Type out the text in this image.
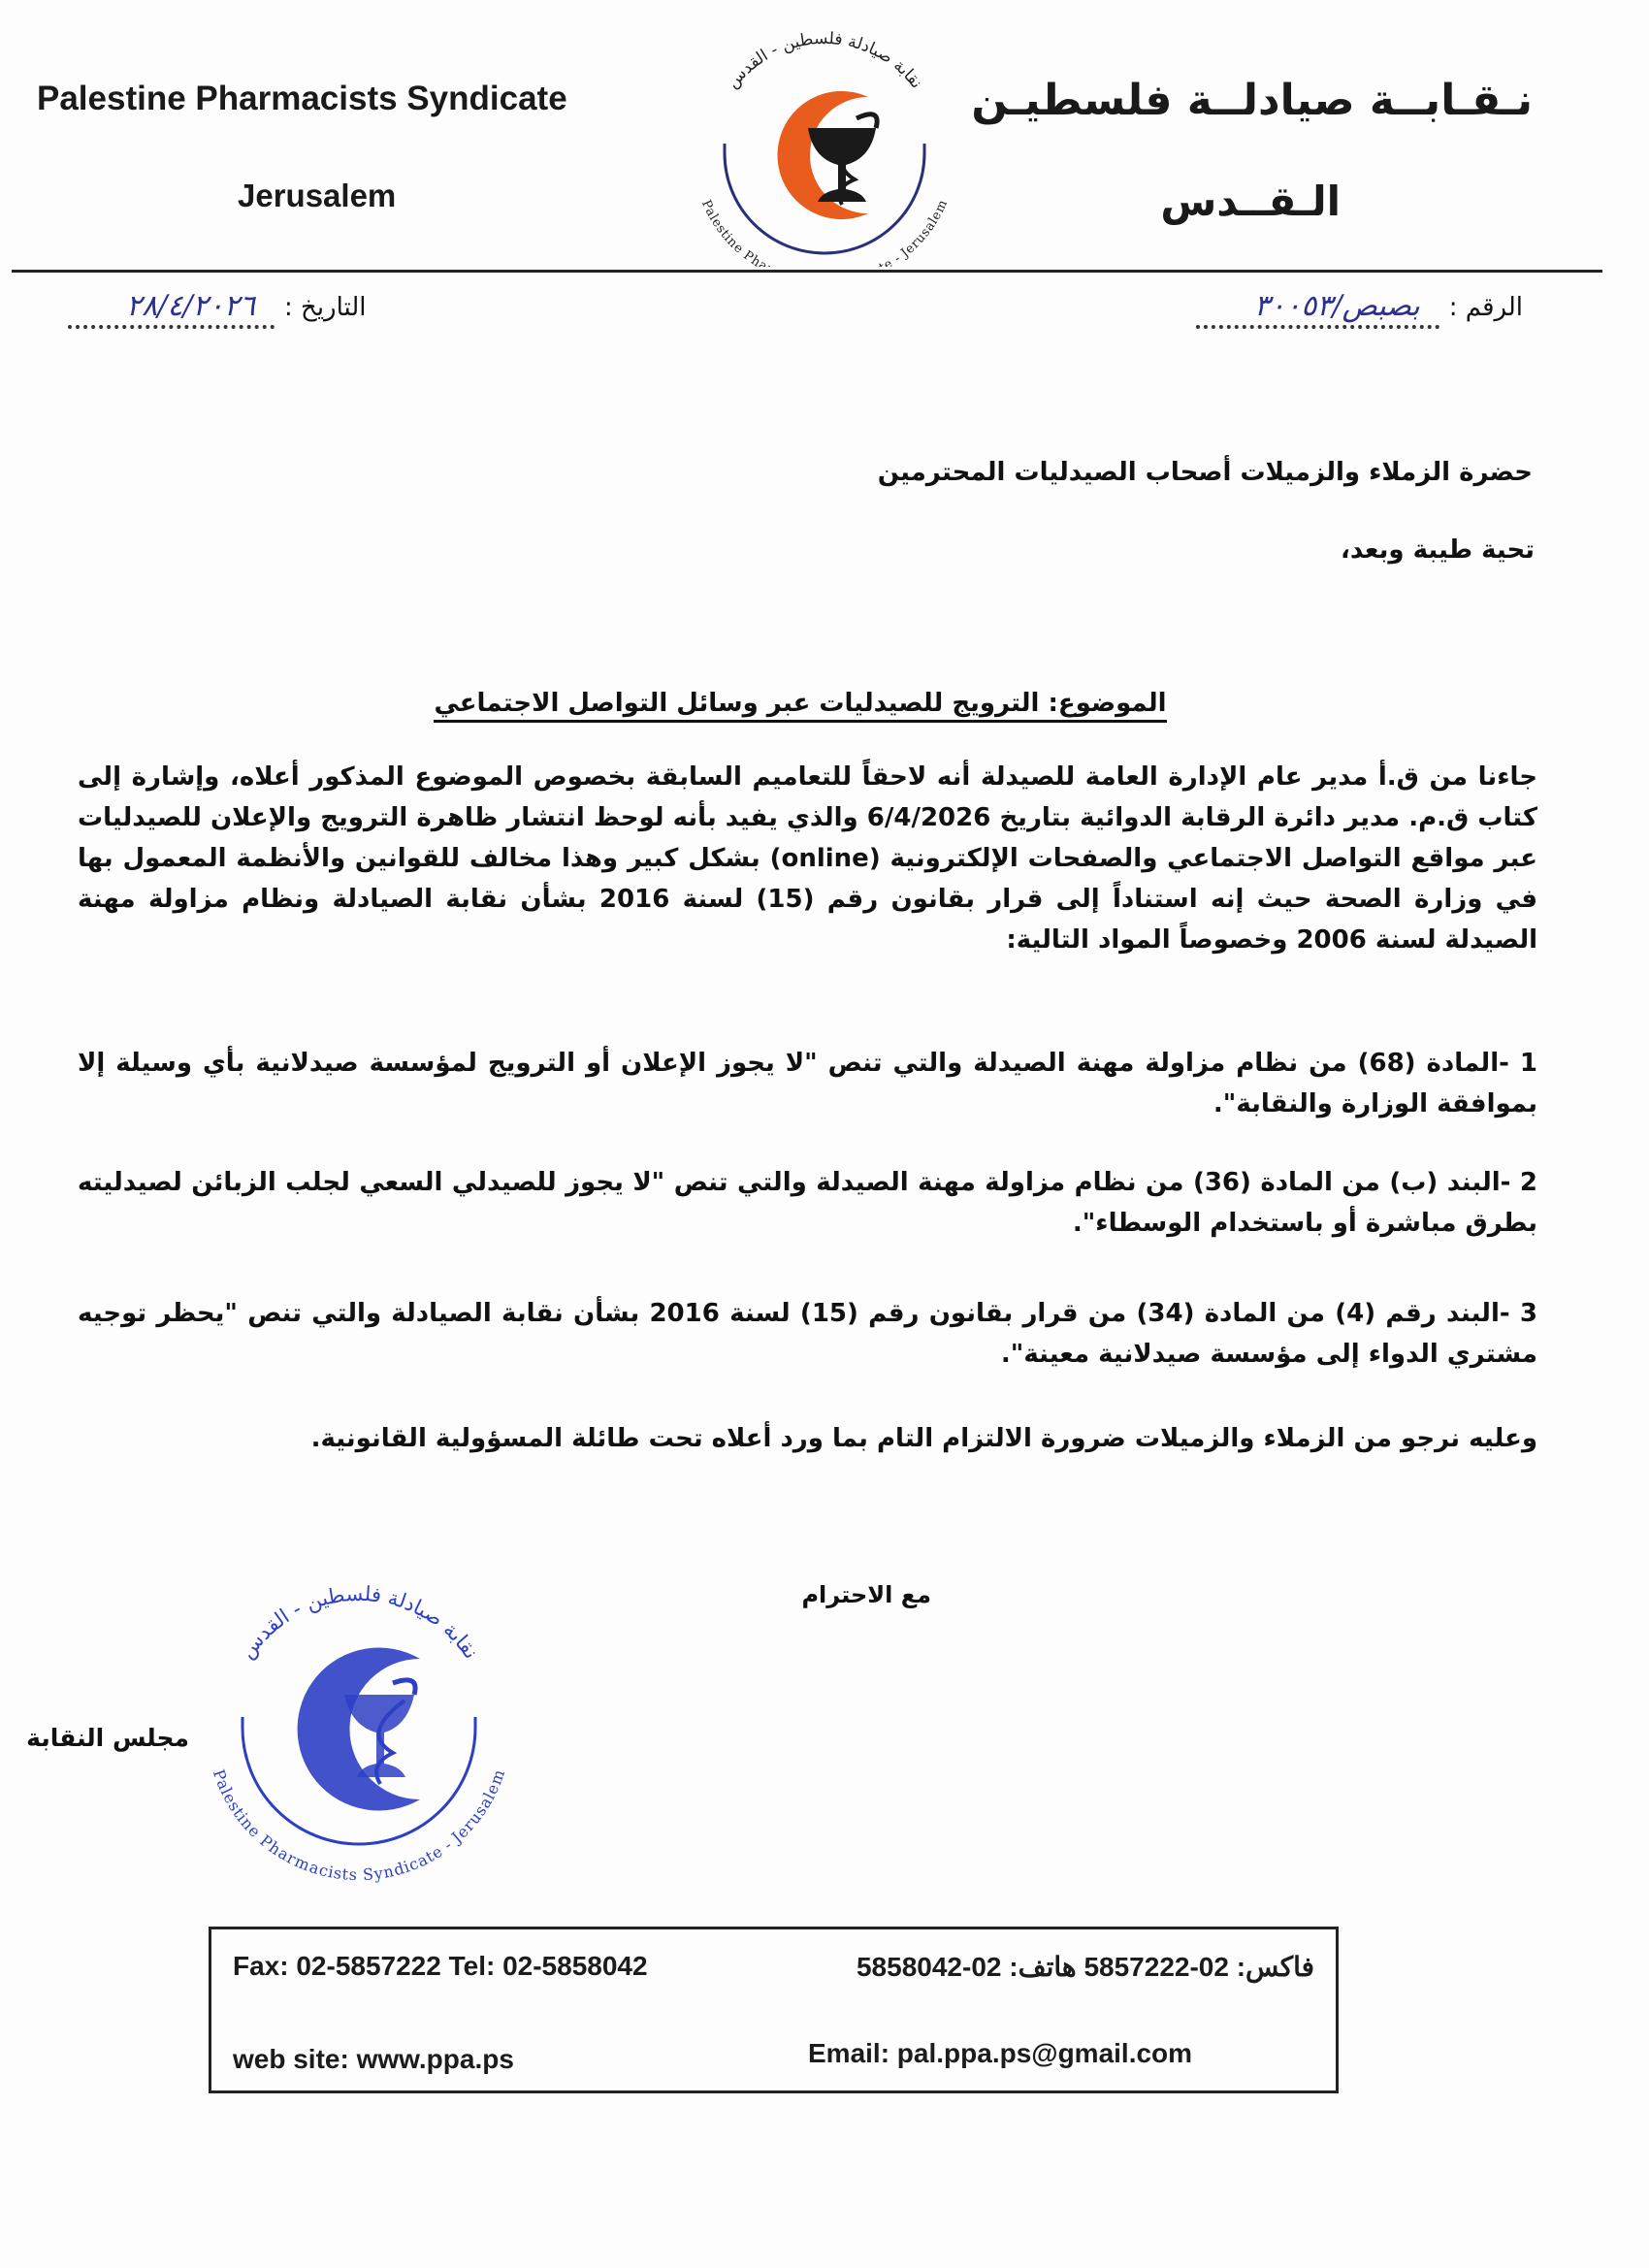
Palestine Pharmacists Syndicate
Jerusalem
نـقـابــة صيادلــة فلسطيـن
الـقــدس
نقابة صيادلة فلسطين - القدس
Palestine Pha e - Jerusalem
الرقم :
بصبص/٣٠٠٥٣
التاريخ :
٢٨/٤/٢٠٢٦
حضرة الزملاء والزميلات أصحاب الصيدليات المحترمين
تحية طيبة وبعد،
الموضوع: الترويج للصيدليات عبر وسائل التواصل الاجتماعي
جاءنا من ق.أ مدير عام الإدارة العامة للصيدلة أنه لاحقاً للتعاميم السابقة بخصوص الموضوع المذكور أعلاه، وإشارة إلى كتاب ق.م. مدير دائرة الرقابة الدوائية بتاريخ 6/4/2026 والذي يفيد بأنه لوحظ انتشار ظاهرة الترويج والإعلان للصيدليات عبر مواقع التواصل الاجتماعي والصفحات الإلكترونية (online) بشكل كبير وهذا مخالف للقوانين والأنظمة المعمول بها في وزارة الصحة حيث إنه استناداً إلى قرار بقانون رقم (15) لسنة 2016 بشأن نقابة الصيادلة ونظام مزاولة مهنة الصيدلة لسنة 2006 وخصوصاً المواد التالية:
1 -المادة (68) من نظام مزاولة مهنة الصيدلة والتي تنص "لا يجوز الإعلان أو الترويج لمؤسسة صيدلانية بأي وسيلة إلا بموافقة الوزارة والنقابة".
2 -البند (ب) من المادة (36) من نظام مزاولة مهنة الصيدلة والتي تنص "لا يجوز للصيدلي السعي لجلب الزبائن لصيدليته بطرق مباشرة أو باستخدام الوسطاء".
3 -البند رقم (4) من المادة (34) من قرار بقانون رقم (15) لسنة 2016 بشأن نقابة الصيادلة والتي تنص "يحظر توجيه مشتري الدواء إلى مؤسسة صيدلانية معينة".
وعليه نرجو من الزملاء والزميلات ضرورة الالتزام التام بما ورد أعلاه تحت طائلة المسؤولية القانونية.
مع الاحترام
نقابة صيادلة فلسطين - القدس
Palestine Pharmacists Syndicate - Jerusalem
مجلس النقابة
Fax: 02-5857222 Tel: 02-5858042	فاكس: 02-5857222 هاتف: 02-5858042
web site: www.ppa.ps	Email: pal.ppa.ps@gmail.com
